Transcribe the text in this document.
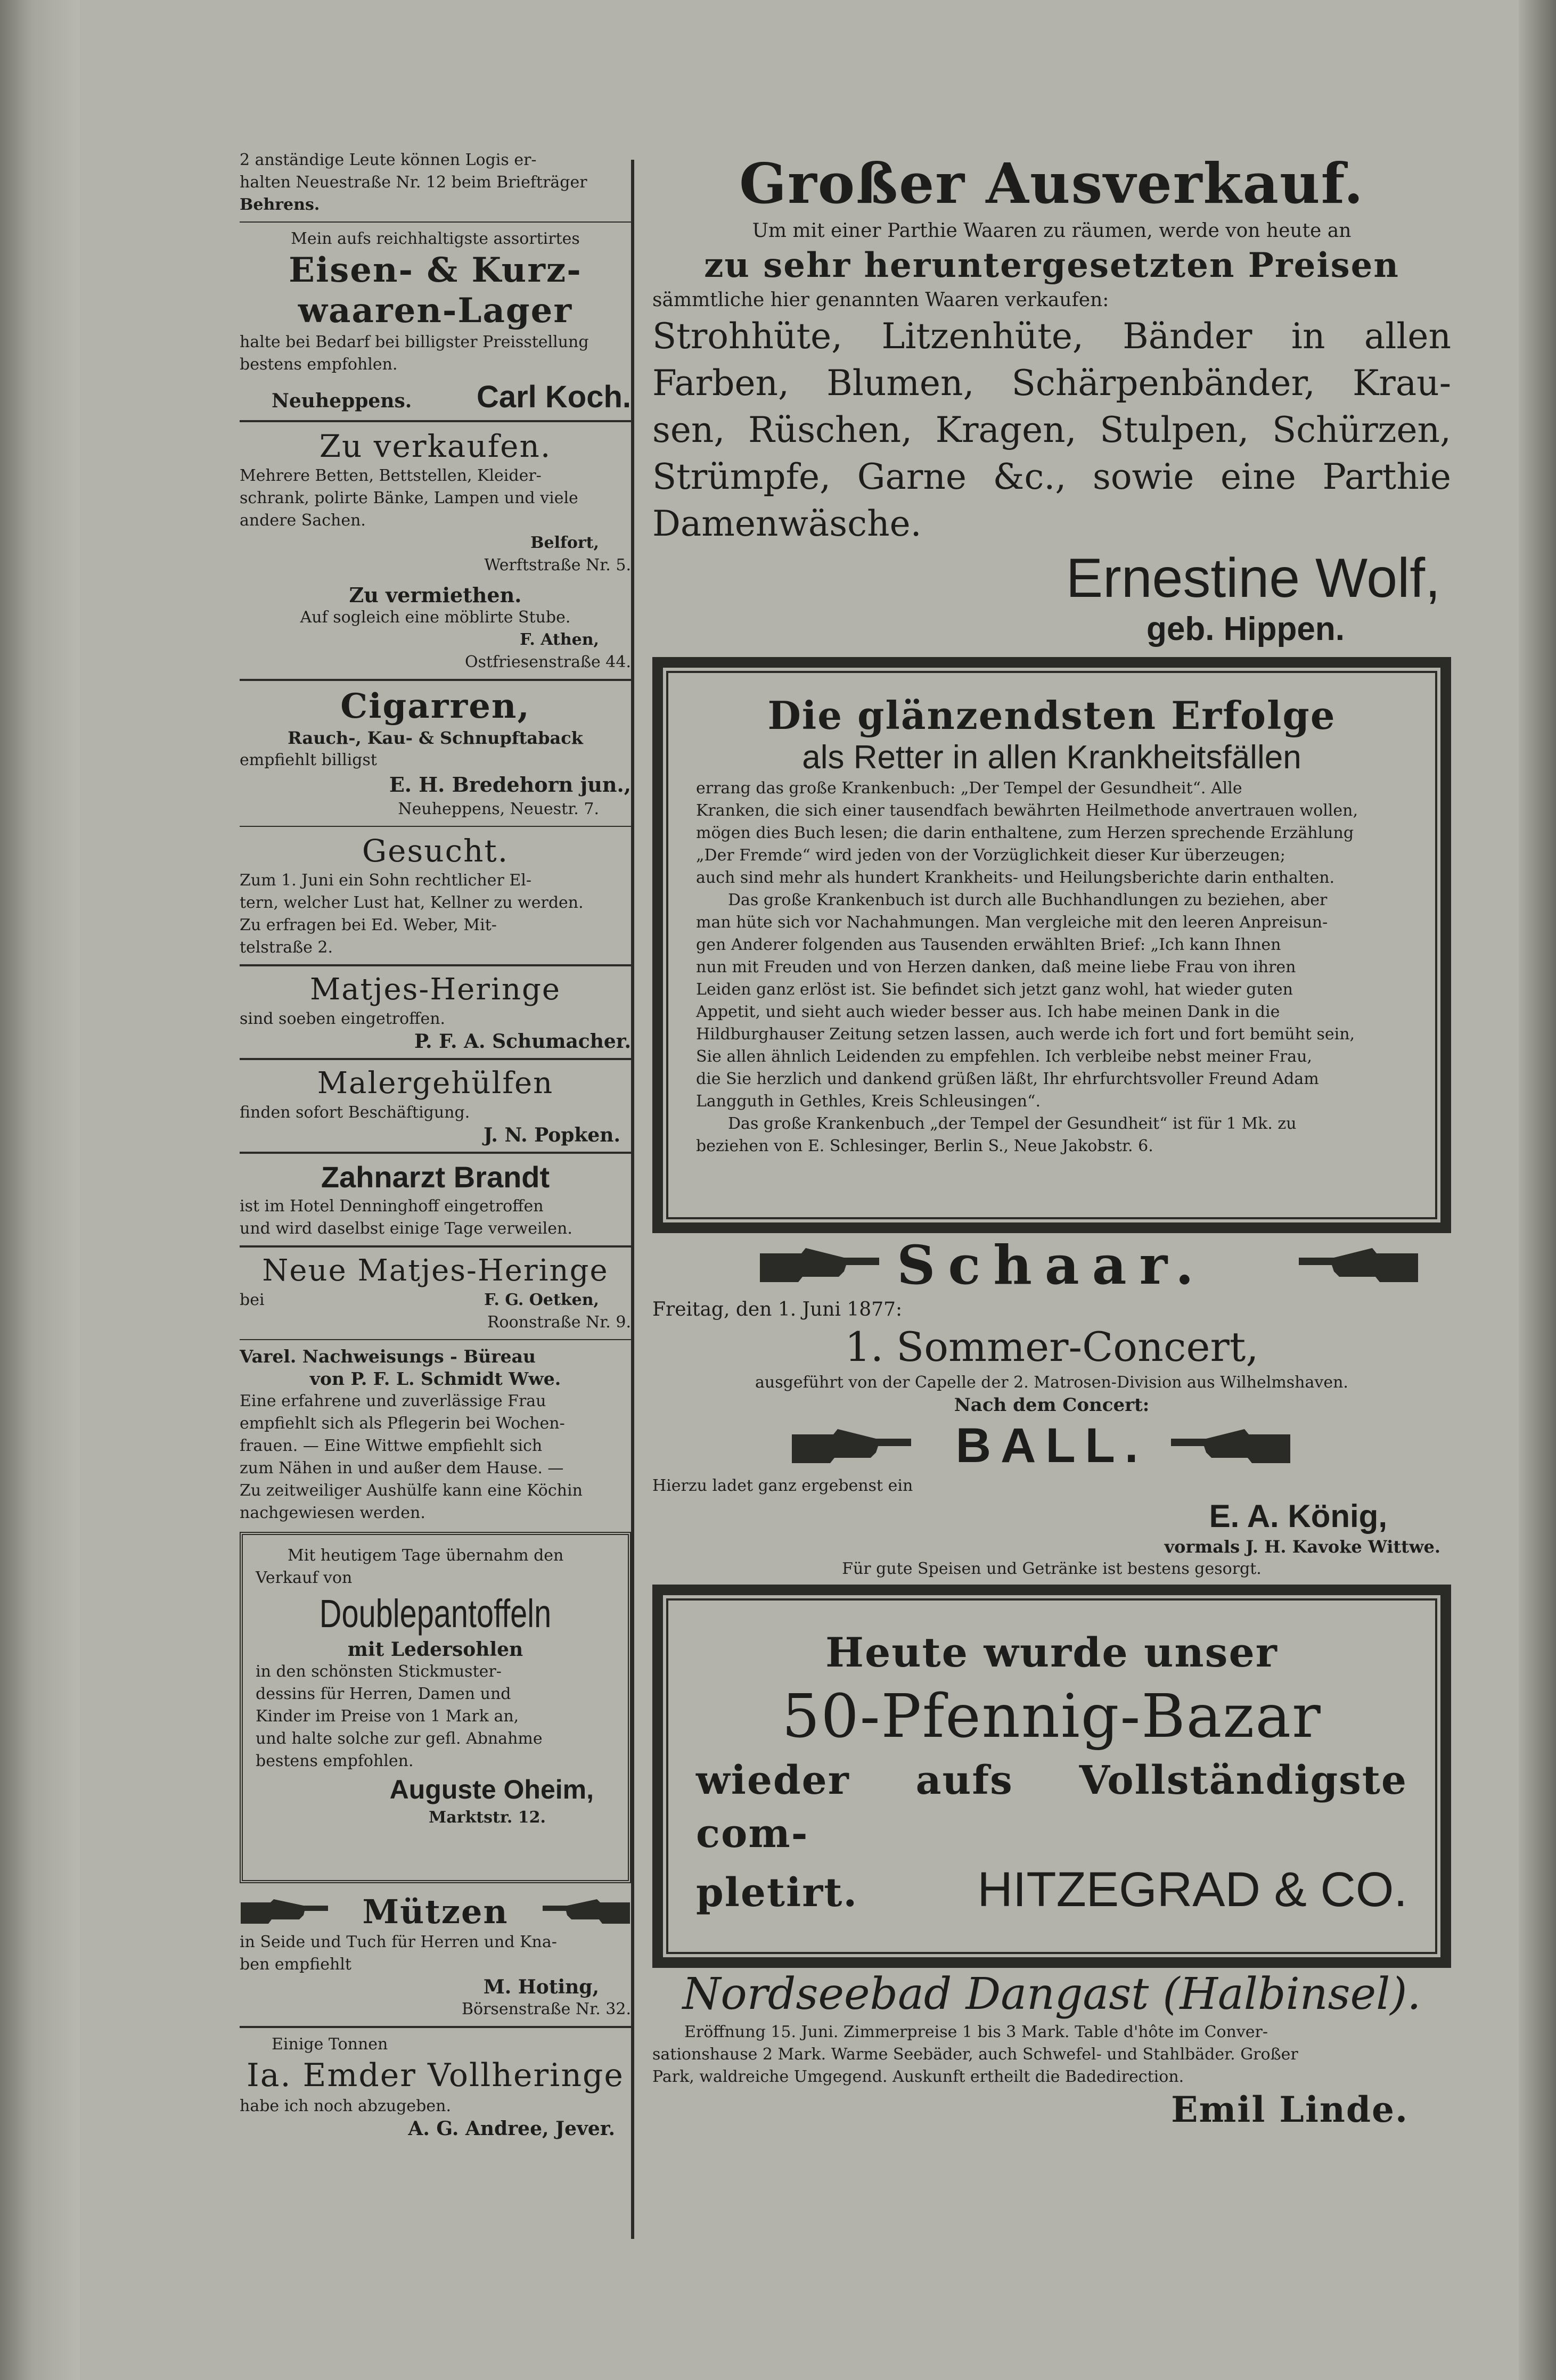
2 anständige Leute können Logis er-

halten Neuestraße Nr. 12 beim Briefträger

Behrens.

Mein aufs reichhaltigste assortirtes

Eisen- & Kurz-

waaren-Lager

halte bei Bedarf bei billigster Preisstellung

bestens empfohlen.

Neuheppens. Carl Koch.

Zu verkaufen.

Mehrere Betten, Bettstellen, Kleider-

schrank, polirte Bänke, Lampen und viele

andere Sachen.

Belfort,

Werftstraße Nr. 5.

Zu vermiethen.

Auf sogleich eine möblirte Stube.

F. Athen,

Ostfriesenstraße 44.

Cigarren,

Rauch-, Kau- & Schnupftaback

empfiehlt billigst

E. H. Bredehorn jun.,

Neuheppens, Neuestr. 7.

Gesucht.

Zum 1. Juni ein Sohn rechtlicher El-

tern, welcher Lust hat, Kellner zu werden.

Zu erfragen bei Ed. Weber, Mit-

telstraße 2.

Matjes-Heringe

sind soeben eingetroffen.

P. F. A. Schumacher.

Malergehülfen

finden sofort Beschäftigung.

J. N. Popken.

Zahnarzt Brandt

ist im Hotel Denninghoff eingetroffen

und wird daselbst einige Tage verweilen.

Neue Matjes-Heringe

bei	F. G. Oetken,

Roonstraße Nr. 9.

Varel. Nachweisungs - Büreau

von P. F. L. Schmidt Wwe.

Eine erfahrene und zuverlässige Frau

empfiehlt sich als Pflegerin bei Wochen-

frauen. — Eine Wittwe empfiehlt sich

zum Nähen in und außer dem Hause. —

Zu zeitweiliger Aushülfe kann eine Köchin

nachgewiesen werden.

Mit heutigem Tage übernahm den

Verkauf von

Doublepantoffeln

mit Ledersohlen

in den schönsten Stickmuster-

dessins für Herren, Damen und

Kinder im Preise von 1 Mark an,

und halte solche zur gefl. Abnahme

bestens empfohlen.

Auguste Oheim,

Marktstr. 12.

Mützen

in Seide und Tuch für Herren und Kna-

ben empfiehlt

M. Hoting,

Börsenstraße Nr. 32.

Einige Tonnen

Ia. Emder Vollheringe

habe ich noch abzugeben.

A. G. Andree, Jever.

Großer Ausverkauf.

Um mit einer Parthie Waaren zu räumen, werde von heute an

zu sehr heruntergesetzten Preisen

sämmtliche hier genannten Waaren verkaufen:

Strohhüte, Litzenhüte, Bänder in allen

Farben, Blumen, Schärpenbänder, Krau-

sen, Rüschen, Kragen, Stulpen, Schürzen,

Strümpfe, Garne &c., sowie eine Parthie

Damenwäsche.

Ernestine Wolf,

geb. Hippen.

Die glänzendsten Erfolge

als Retter in allen Krankheitsfällen

errang das große Krankenbuch: „Der Tempel der Gesundheit“. Alle

Kranken, die sich einer tausendfach bewährten Heilmethode anvertrauen wollen,

mögen dies Buch lesen; die darin enthaltene, zum Herzen sprechende Erzählung

„Der Fremde“ wird jeden von der Vorzüglichkeit dieser Kur überzeugen;

auch sind mehr als hundert Krankheits- und Heilungsberichte darin enthalten.

Das große Krankenbuch ist durch alle Buchhandlungen zu beziehen, aber

man hüte sich vor Nachahmungen. Man vergleiche mit den leeren Anpreisun-

gen Anderer folgenden aus Tausenden erwählten Brief: „Ich kann Ihnen

nun mit Freuden und von Herzen danken, daß meine liebe Frau von ihren

Leiden ganz erlöst ist. Sie befindet sich jetzt ganz wohl, hat wieder guten

Appetit, und sieht auch wieder besser aus. Ich habe meinen Dank in die

Hildburghauser Zeitung setzen lassen, auch werde ich fort und fort bemüht sein,

Sie allen ähnlich Leidenden zu empfehlen. Ich verbleibe nebst meiner Frau,

die Sie herzlich und dankend grüßen läßt, Ihr ehrfurchtsvoller Freund Adam

Langguth in Gethles, Kreis Schleusingen“.

Das große Krankenbuch „der Tempel der Gesundheit“ ist für 1 Mk. zu

beziehen von E. Schlesinger, Berlin S., Neue Jakobstr. 6.

Schaar.

Freitag, den 1. Juni 1877:

1. Sommer-Concert,

ausgeführt von der Capelle der 2. Matrosen-Division aus Wilhelmshaven.

Nach dem Concert:

BALL.

Hierzu ladet ganz ergebenst ein

E. A. König,

vormals J. H. Kavoke Wittwe.

Für gute Speisen und Getränke ist bestens gesorgt.

Heute wurde unser

50-Pfennig-Bazar

wieder aufs Vollständigste com-

pletirt. HITZEGRAD & CO.

Nordseebad Dangast (Halbinsel).

Eröffnung 15. Juni. Zimmerpreise 1 bis 3 Mark. Table d'hôte im Conver-

sationshause 2 Mark. Warme Seebäder, auch Schwefel- und Stahlbäder. Großer

Park, waldreiche Umgegend. Auskunft ertheilt die Badedirection.

Emil Linde.
